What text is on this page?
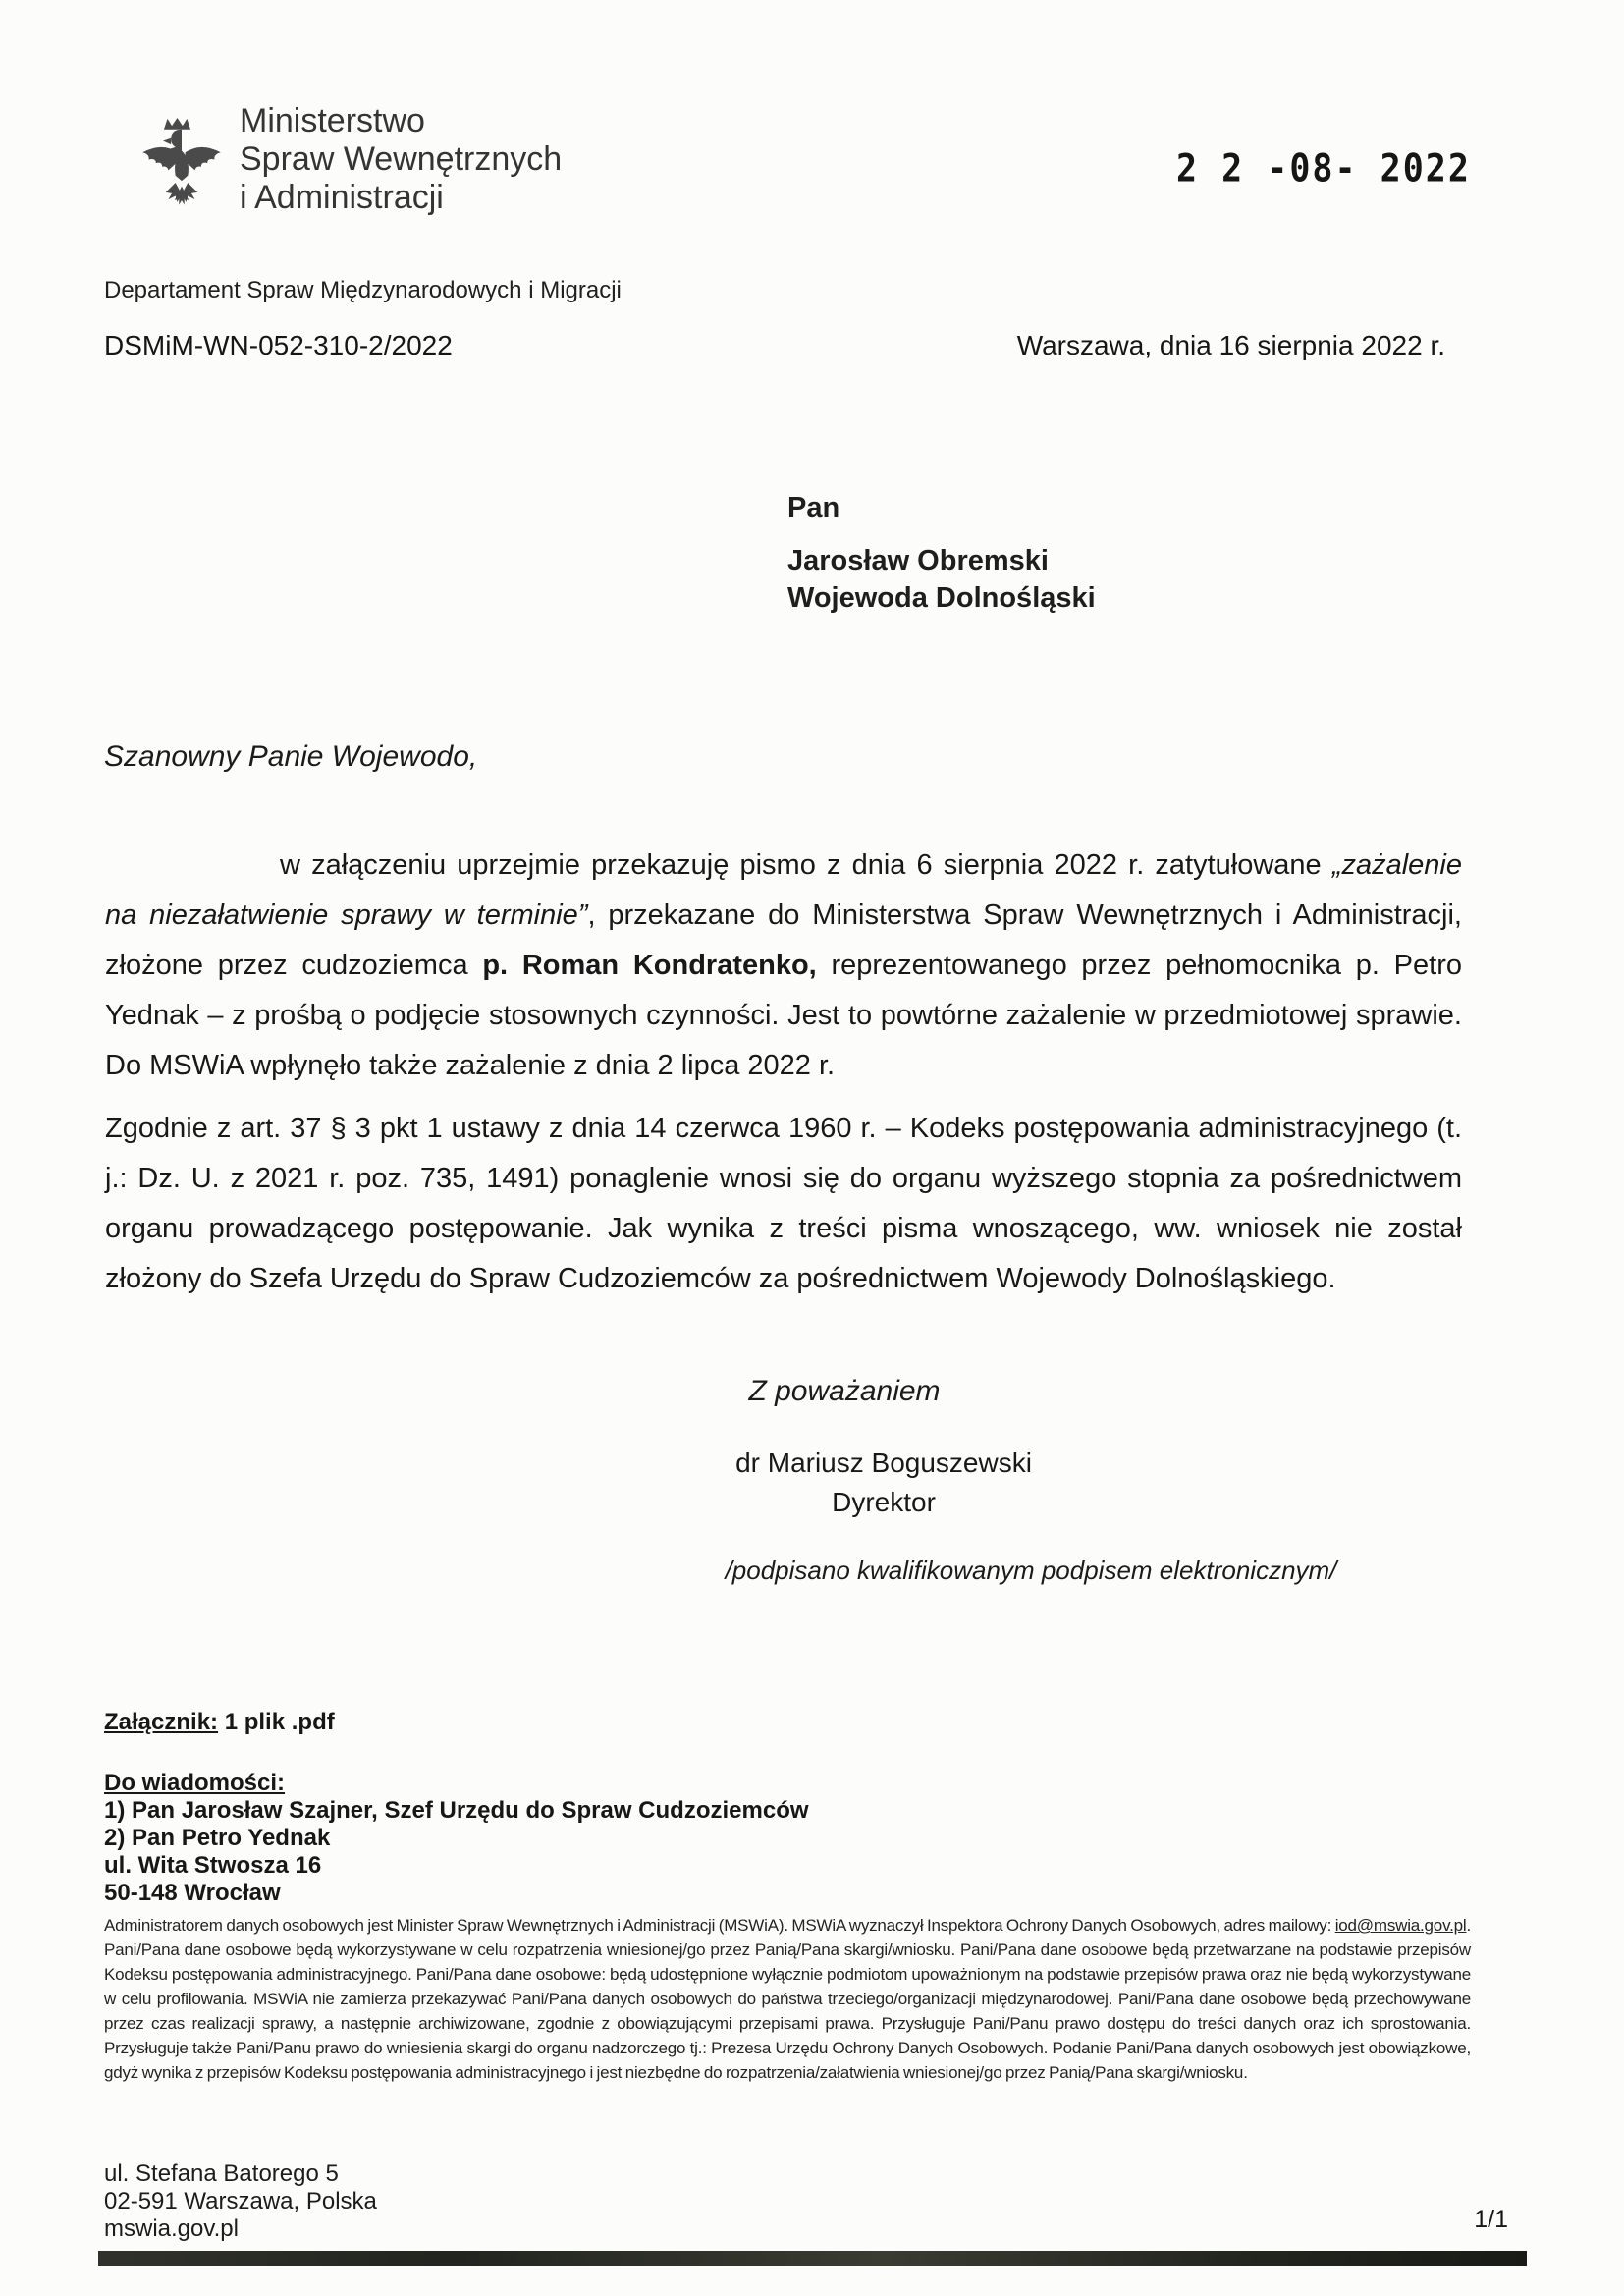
Ministerstwo
Spraw Wewnętrznych
i Administracji
2 2 -08- 2022
Departament Spraw Międzynarodowych i Migracji
DSMiM-WN-052-310-2/2022	Warszawa, dnia 16 sierpnia 2022 r.
Pan
Jarosław Obremski
Wojewoda Dolnośląski
Szanowny Panie Wojewodo,

w załączeniu uprzejmie przekazuję pismo z dnia 6 sierpnia 2022 r. zatytułowane „zażalenie na niezałatwienie sprawy w terminie”, przekazane do Ministerstwa Spraw Wewnętrznych i Administracji, złożone przez cudzoziemca p. Roman Kondratenko, reprezentowanego przez pełnomocnika p. Petro Yednak – z prośbą o podjęcie stosownych czynności. Jest to powtórne zażalenie w przedmiotowej sprawie. Do MSWiA wpłynęło także zażalenie z dnia 2 lipca 2022 r.

Zgodnie z art. 37 § 3 pkt 1 ustawy z dnia 14 czerwca 1960 r. – Kodeks postępowania administracyjnego (t. j.: Dz. U. z 2021 r. poz. 735, 1491) ponaglenie wnosi się do organu wyższego stopnia za pośrednictwem organu prowadzącego postępowanie. Jak wynika z treści pisma wnoszącego, ww. wniosek nie został złożony do Szefa Urzędu do Spraw Cudzoziemców za pośrednictwem Wojewody Dolnośląskiego.

Z poważaniem
dr Mariusz Boguszewski
Dyrektor
/podpisano kwalifikowanym podpisem elektronicznym/
Załącznik: 1 plik .pdf
Do wiadomości:
1) Pan Jarosław Szajner, Szef Urzędu do Spraw Cudzoziemców
2) Pan Petro Yednak
ul. Wita Stwosza 16
50-148 Wrocław

Administratorem danych osobowych jest Minister Spraw Wewnętrznych i Administracji (MSWiA). MSWiA wyznaczył Inspektora Ochrony Danych Osobowych, adres mailowy: iod@mswia.gov.pl. Pani/Pana dane osobowe będą wykorzystywane w celu rozpatrzenia wniesionej/go przez Panią/Pana skargi/wniosku. Pani/Pana dane osobowe będą przetwarzane na podstawie przepisów Kodeksu postępowania administracyjnego. Pani/Pana dane osobowe: będą udostępnione wyłącznie podmiotom upoważnionym na podstawie przepisów prawa oraz nie będą wykorzystywane w celu profilowania. MSWiA nie zamierza przekazywać Pani/Pana danych osobowych do państwa trzeciego/organizacji międzynarodowej. Pani/Pana dane osobowe będą przechowywane przez czas realizacji sprawy, a następnie archiwizowane, zgodnie z obowiązującymi przepisami prawa. Przysługuje Pani/Panu prawo dostępu do treści danych oraz ich sprostowania. Przysługuje także Pani/Panu prawo do wniesienia skargi do organu nadzorczego tj.: Prezesa Urzędu Ochrony Danych Osobowych. Podanie Pani/Pana danych osobowych jest obowiązkowe, gdyż wynika z przepisów Kodeksu postępowania administracyjnego i jest niezbędne do rozpatrzenia/załatwienia wniesionej/go przez Panią/Pana skargi/wniosku.

ul. Stefana Batorego 5
02-591 Warszawa, Polska
mswia.gov.pl	1/1
